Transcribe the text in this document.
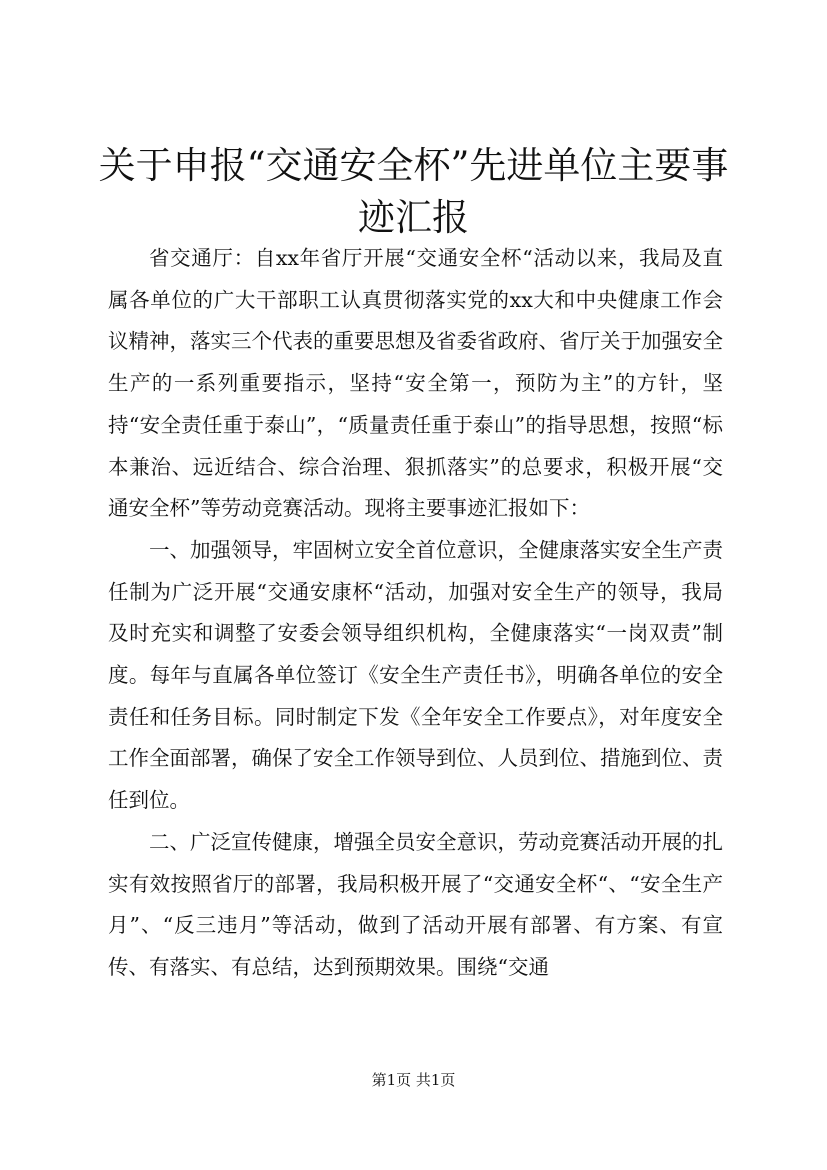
关于申报“交通安全杯”先进单位主要事迹汇报

省交通厅：自xx年省厅开展“交通安全杯“活动以来，我局及直属各单位的广大干部职工认真贯彻落实党的xx大和中央健康工作会议精神，落实三个代表的重要思想及省委省政府、省厅关于加强安全生产的一系列重要指示，坚持“安全第一，预防为主”的方针，坚持“安全责任重于泰山”，“质量责任重于泰山”的指导思想，按照“标本兼治、远近结合、综合治理、狠抓落实”的总要求，积极开展“交通安全杯”等劳动竞赛活动。现将主要事迹汇报如下：

一、加强领导，牢固树立安全首位意识，全健康落实安全生产责任制为广泛开展“交通安康杯“活动，加强对安全生产的领导，我局及时充实和调整了安委会领导组织机构，全健康落实“一岗双责”制度。每年与直属各单位签订《安全生产责任书》，明确各单位的安全责任和任务目标。同时制定下发《全年安全工作要点》，对年度安全工作全面部署，确保了安全工作领导到位、人员到位、措施到位、责任到位。

二、广泛宣传健康，增强全员安全意识，劳动竞赛活动开展的扎实有效按照省厅的部署，我局积极开展了“交通安全杯“、“安全生产月”、“反三违月”等活动，做到了活动开展有部署、有方案、有宣传、有落实、有总结，达到预期效果。围绕“交通

第1页 共1页
